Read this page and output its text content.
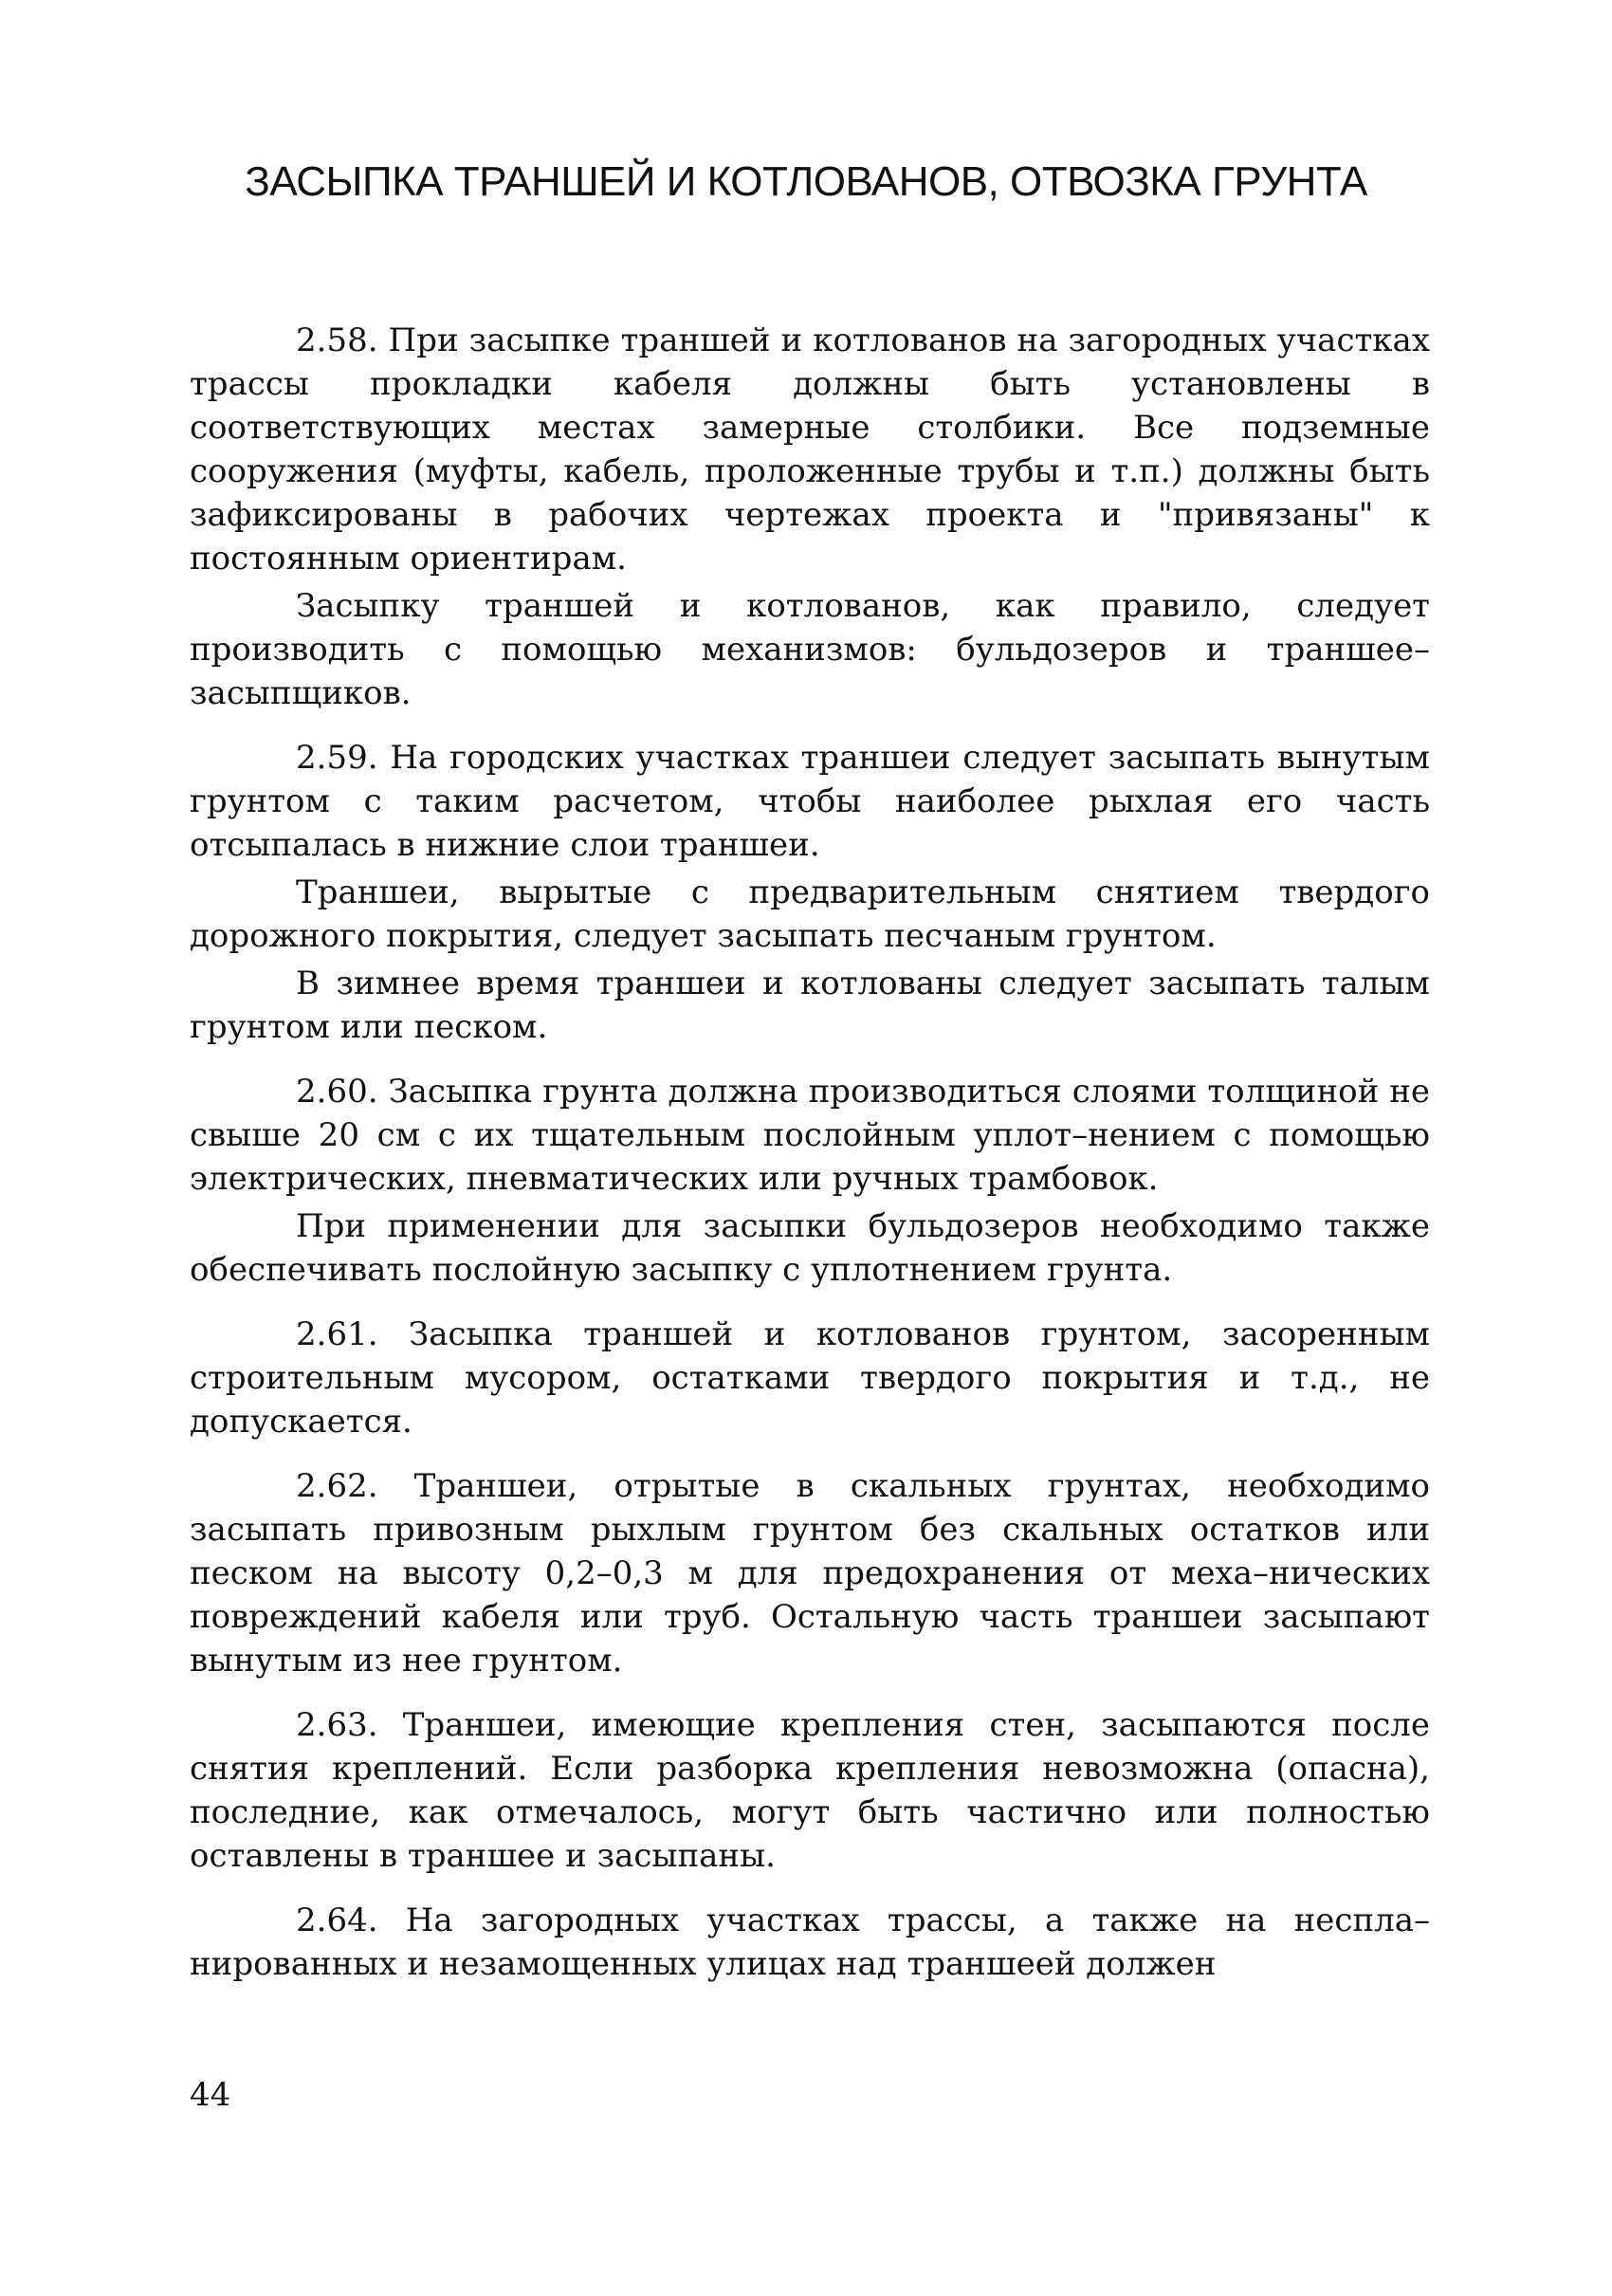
ЗАСЫПКА ТРАНШЕЙ И КОТЛОВАНОВ, ОТВОЗКА ГРУНТА

2.58. При засыпке траншей и котлованов на загородных участках трассы прокладки кабеля должны быть установлены в соответствующих местах замерные столбики. Все подземные сооружения (муфты, кабель, проложенные трубы и т.п.) должны быть зафиксированы в рабочих чертежах проекта и "привязаны" к постоянным ориентирам.

Засыпку траншей и котлованов, как правило, следует производить с помощью механизмов: бульдозеров и траншее–засыпщиков.

2.59. На городских участках траншеи следует засыпать вынутым грунтом с таким расчетом, чтобы наиболее рыхлая его часть отсыпалась в нижние слои траншеи.

Траншеи, вырытые с предварительным снятием твердого дорожного покрытия, следует засыпать песчаным грунтом.

В зимнее время траншеи и котлованы следует засыпать талым грунтом или песком.

2.60. Засыпка грунта должна производиться слоями толщиной не свыше 20 см с их тщательным послойным уплот–нением с помощью электрических, пневматических или ручных трамбовок.

При применении для засыпки бульдозеров необходимо также обеспечивать послойную засыпку с уплотнением грунта.

2.61. Засыпка траншей и котлованов грунтом, засоренным строительным мусором, остатками твердого покрытия и т.д., не допускается.

2.62. Траншеи, отрытые в скальных грунтах, необходимо засыпать привозным рыхлым грунтом без скальных остатков или песком на высоту 0,2–0,3 м для предохранения от меха–нических повреждений кабеля или труб. Остальную часть траншеи засыпают вынутым из нее грунтом.

2.63. Траншеи, имеющие крепления стен, засыпаются после снятия креплений. Если разборка крепления невозможна (опасна), последние, как отмечалось, могут быть частично или полностью оставлены в траншее и засыпаны.

2.64. На загородных участках трассы, а также на неспла–нированных и незамощенных улицах над траншеей должен

44
